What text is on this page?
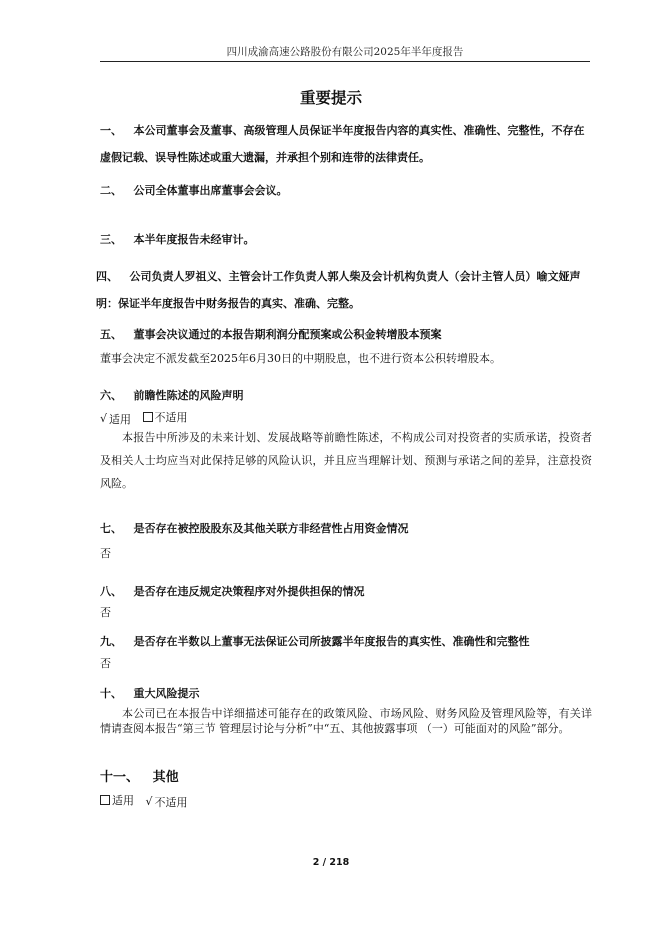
四川成渝高速公路股份有限公司2025年半年度报告
重要提示
一、 本公司董事会及董事、高级管理人员保证半年度报告内容的真实性、准确性、完整性，不存在虚假记载、误导性陈述或重大遗漏，并承担个别和连带的法律责任。
二、 公司全体董事出席董事会会议。
三、 本半年度报告未经审计。
四、 公司负责人罗祖义、主管会计工作负责人郭人柴及会计机构负责人（会计主管人员）喻文娅声明：保证半年度报告中财务报告的真实、准确、完整。
五、 董事会决议通过的本报告期利润分配预案或公积金转增股本预案
董事会决定不派发截至2025年6月30日的中期股息，也不进行资本公积转增股本。
六、 前瞻性陈述的风险声明
√ 适用
不适用
本报告中所涉及的未来计划、发展战略等前瞻性陈述，不构成公司对投资者的实质承诺，投资者及相关人士均应当对此保持足够的风险认识，并且应当理解计划、预测与承诺之间的差异，注意投资风险。
七、 是否存在被控股股东及其他关联方非经营性占用资金情况
否
八、 是否存在违反规定决策程序对外提供担保的情况
否
九、 是否存在半数以上董事无法保证公司所披露半年度报告的真实性、准确性和完整性
否
十、 重大风险提示
本公司已在本报告中详细描述可能存在的政策风险、市场风险、财务风险及管理风险等，有关详情请查阅本报告“第三节 管理层讨论与分析”中“五、其他披露事项 （一）可能面对的风险”部分。
十一、 其他
适用
√ 不适用
2 / 218
